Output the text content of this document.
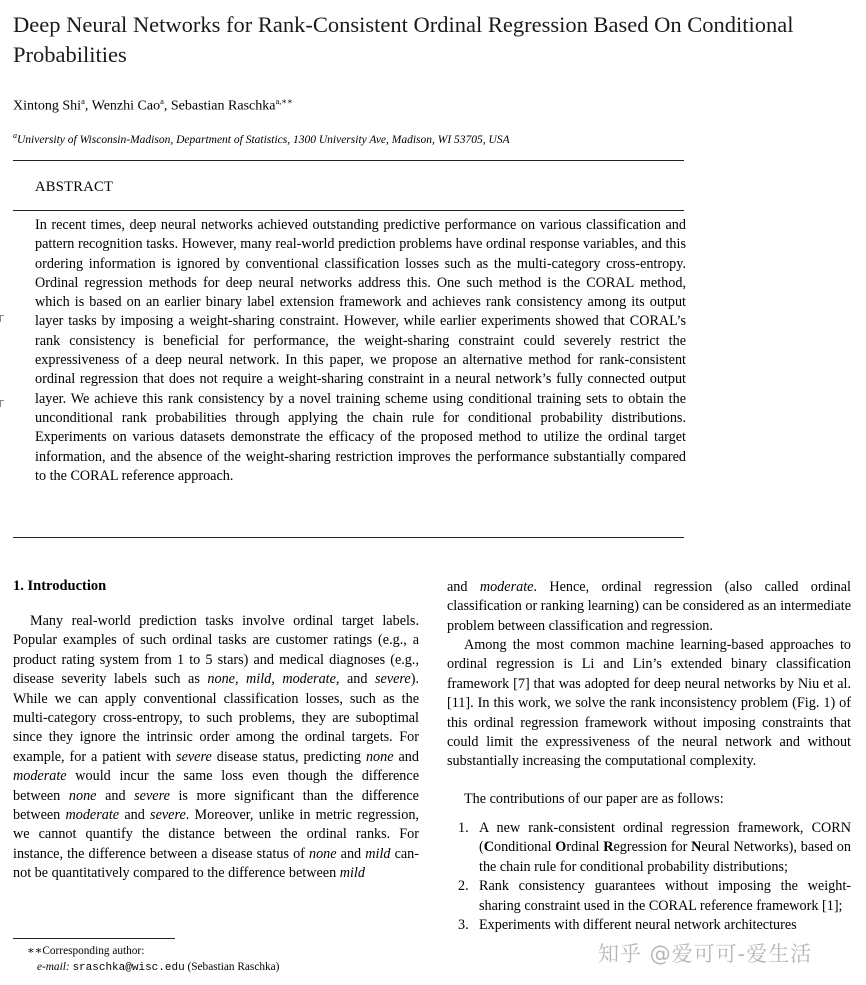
Deep Neural Networks for Rank-Consistent Ordinal Regression Based On Conditional Probabilities
Xintong Shi$^a$, Wenzhi Cao$^a$, Sebastian Raschka$^{a,∗∗}$
$^a$University of Wisconsin-Madison, Department of Statistics, 1300 University Ave, Madison, WI 53705, USA
ABSTRACT

In recent times, deep neural networks achieved outstanding predictive performance on various classification and pattern recognition tasks. However, many real-world prediction problems have ordinal response variables, and this ordering information is ignored by conventional classification losses such as the multi-category cross-entropy. Ordinal regression methods for deep neural networks address this. One such method is the CORAL method, which is based on an earlier binary label extension framework and achieves rank consistency among its output layer tasks by imposing a weight-sharing constraint. However, while earlier experiments showed that CORAL’s rank consistency is beneficial for performance, the weight-sharing constraint could severely restrict the expressiveness of a deep neural network. In this paper, we propose an alternative method for rank-consistent ordinal regression that does not require a weight-sharing constraint in a neural network’s fully connected output layer. We achieve this rank consistency by a novel training scheme using conditional training sets to obtain the unconditional rank probabilities through applying the chain rule for conditional probability distributions. Experiments on various datasets demonstrate the efficacy of the proposed method to utilize the ordinal target information, and the absence of the weight-sharing restriction improves the performance substantially compared to the CORAL reference approach.

1. Introduction

Many real-world prediction tasks involve ordinal target labels. Popular examples of such ordinal tasks are customer ratings (e.g., a product rating system from 1 to 5 stars) and medical diagnoses (e.g., disease severity labels such as none, mild, moderate, and severe). While we can apply conventional classification losses, such as the multi-category cross-entropy, to such problems, they are suboptimal since they ignore the intrinsic order among the ordinal targets. For example, for a patient with severe disease status, predicting none and moderate would incur the same loss even though the difference between none and severe is more significant than the difference between moderate and severe. Moreover, unlike in metric regression, we cannot quantify the distance between the ordinal ranks. For instance, the difference between a disease status of none and mild cannot be quantitatively compared to the difference between mild

and moderate. Hence, ordinal regression (also called ordinal classification or ranking learning) can be considered as an intermediate problem between classification and regression.

Among the most common machine learning-based approaches to ordinal regression is Li and Lin’s extended binary classification framework [7] that was adopted for deep neural networks by Niu et al. [11]. In this work, we solve the rank inconsistency problem (Fig. 1) of this ordinal regression framework without imposing constraints that could limit the expressiveness of the neural network and without substantially increasing the computational complexity.

The contributions of our paper are as follows:

1. A new rank-consistent ordinal regression framework, CORN (Conditional Ordinal Regression for Neural Networks), based on the chain rule for conditional probability distributions;
2. Rank consistency guarantees without imposing the weight-sharing constraint used in the CORAL reference framework [1];
3. Experiments with different neural network architectures
∗∗Corresponding author:
e-mail: sraschka@wisc.edu (Sebastian Raschka)
知乎 @爱可可-爱生活
